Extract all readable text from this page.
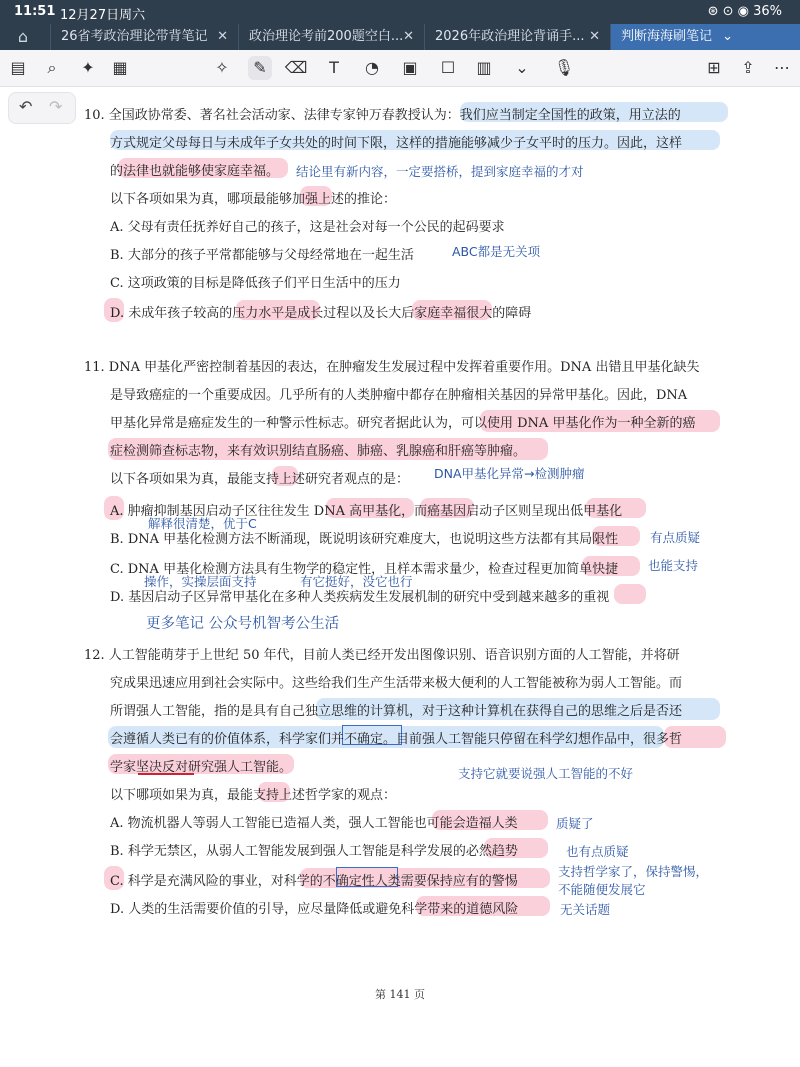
11:51 12月27日周六	⊛ ⊙ ◉ 36%
26省考政治理论带背笔记 ✕	政治理论考前200题空白... ✕	2026年政治理论背诵手... ✕	判断海海刷笔记 ⌄
⌂
▤	⌕	✦	▦	✧	✎	⌫	T	◔	▣	☐	▥	⌄	🎙	⊞	⇪	⋯
↶ ↷ 10. 全国政协常委、著名社会活动家、法律专家钟万春教授认为：我们应当制定全国性的政策，用立法的
方式规定父母每日与未成年子女共处的时间下限，这样的措施能够减少子女平时的压力。因此，这样
的法律也就能够使家庭幸福。
以下各项如果为真，哪项最能够加强上述的推论：
A. 父母有责任抚养好自己的孩子，这是社会对每一个公民的起码要求
B. 大部分的孩子平常都能够与父母经常地在一起生活
C. 这项政策的目标是降低孩子们平日生活中的压力
D. 未成年孩子较高的压力水平是成长过程以及长大后家庭幸福很大的障碍
11. DNA 甲基化严密控制着基因的表达，在肿瘤发生发展过程中发挥着重要作用。DNA 出错且甲基化缺失
是导致癌症的一个重要成因。几乎所有的人类肿瘤中都存在肿瘤相关基因的异常甲基化。因此，DNA
甲基化异常是癌症发生的一种警示性标志。研究者据此认为，可以使用 DNA 甲基化作为一种全新的癌
症检测筛查标志物，来有效识别结直肠癌、肺癌、乳腺癌和肝癌等肿瘤。
以下各项如果为真，最能支持上述研究者观点的是：
A. 肿瘤抑制基因启动子区往往发生 DNA 高甲基化，而癌基因启动子区则呈现出低甲基化
B. DNA 甲基化检测方法不断涌现，既说明该研究难度大，也说明这些方法都有其局限性
C. DNA 甲基化检测方法具有生物学的稳定性，且样本需求量少，检查过程更加简单快捷
D. 基因启动子区异常甲基化在多种人类疾病发生发展机制的研究中受到越来越多的重视
12. 人工智能萌芽于上世纪 50 年代，目前人类已经开发出图像识别、语音识别方面的人工智能，并将研
究成果迅速应用到社会实际中。这些给我们生产生活带来极大便利的人工智能被称为弱人工智能。而
所谓强人工智能，指的是具有自己独立思维的计算机，对于这种计算机在获得自己的思维之后是否还
会遵循人类已有的价值体系，科学家们并不确定。目前强人工智能只停留在科学幻想作品中，很多哲
学家坚决反对研究强人工智能。
以下哪项如果为真，最能支持上述哲学家的观点：
A. 物流机器人等弱人工智能已造福人类，强人工智能也可能会造福人类
B. 科学无禁区，从弱人工智能发展到强人工智能是科学发展的必然趋势
C. 科学是充满风险的事业，对科学的不确定性人类需要保持应有的警惕
D. 人类的生活需要价值的引导，应尽量降低或避免科学带来的道德风险
结论里有新内容，一定要搭桥，提到家庭幸福的才对
ABC都是无关项
DNA甲基化异常→检测肿瘤
解释很清楚，优于C
有点质疑
也能支持
操作，实操层面支持	有它挺好，没它也行
更多笔记 公众号机智考公生活
支持它就要说强人工智能的不好
质疑了
也有点质疑
支持哲学家了，保持警惕，
不能随便发展它
无关话题
第 141 页
